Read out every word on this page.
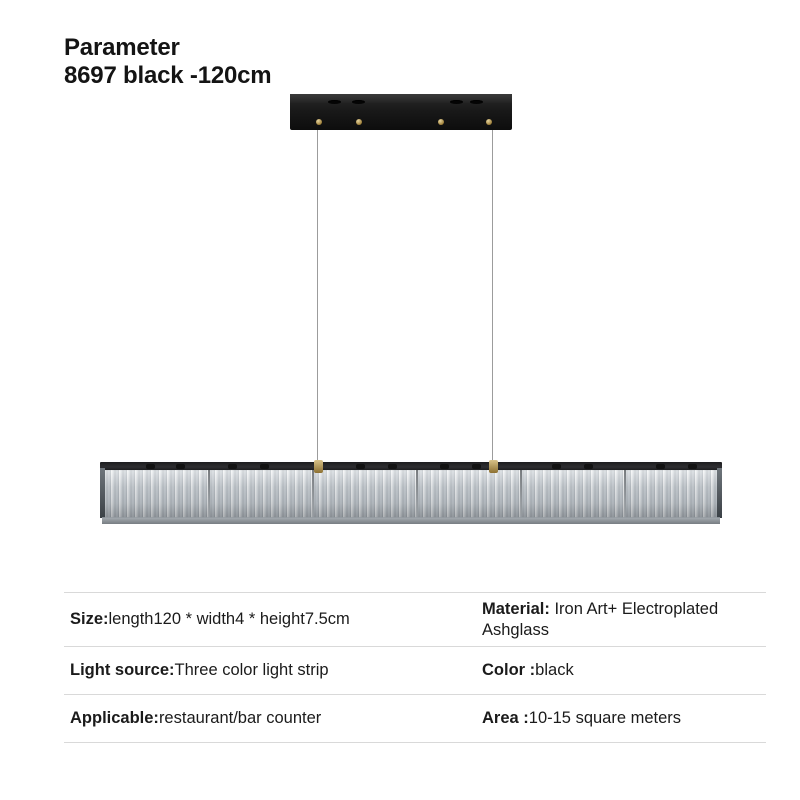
Parameter
8697 black -120cm
Size: length120 * width4 * height7.5cm
Material: Iron Art+ Electroplated Ashglass
Light source: Three color light strip	Color : black
Applicable: restaurant/bar counter	Area : 10-15 square meters
